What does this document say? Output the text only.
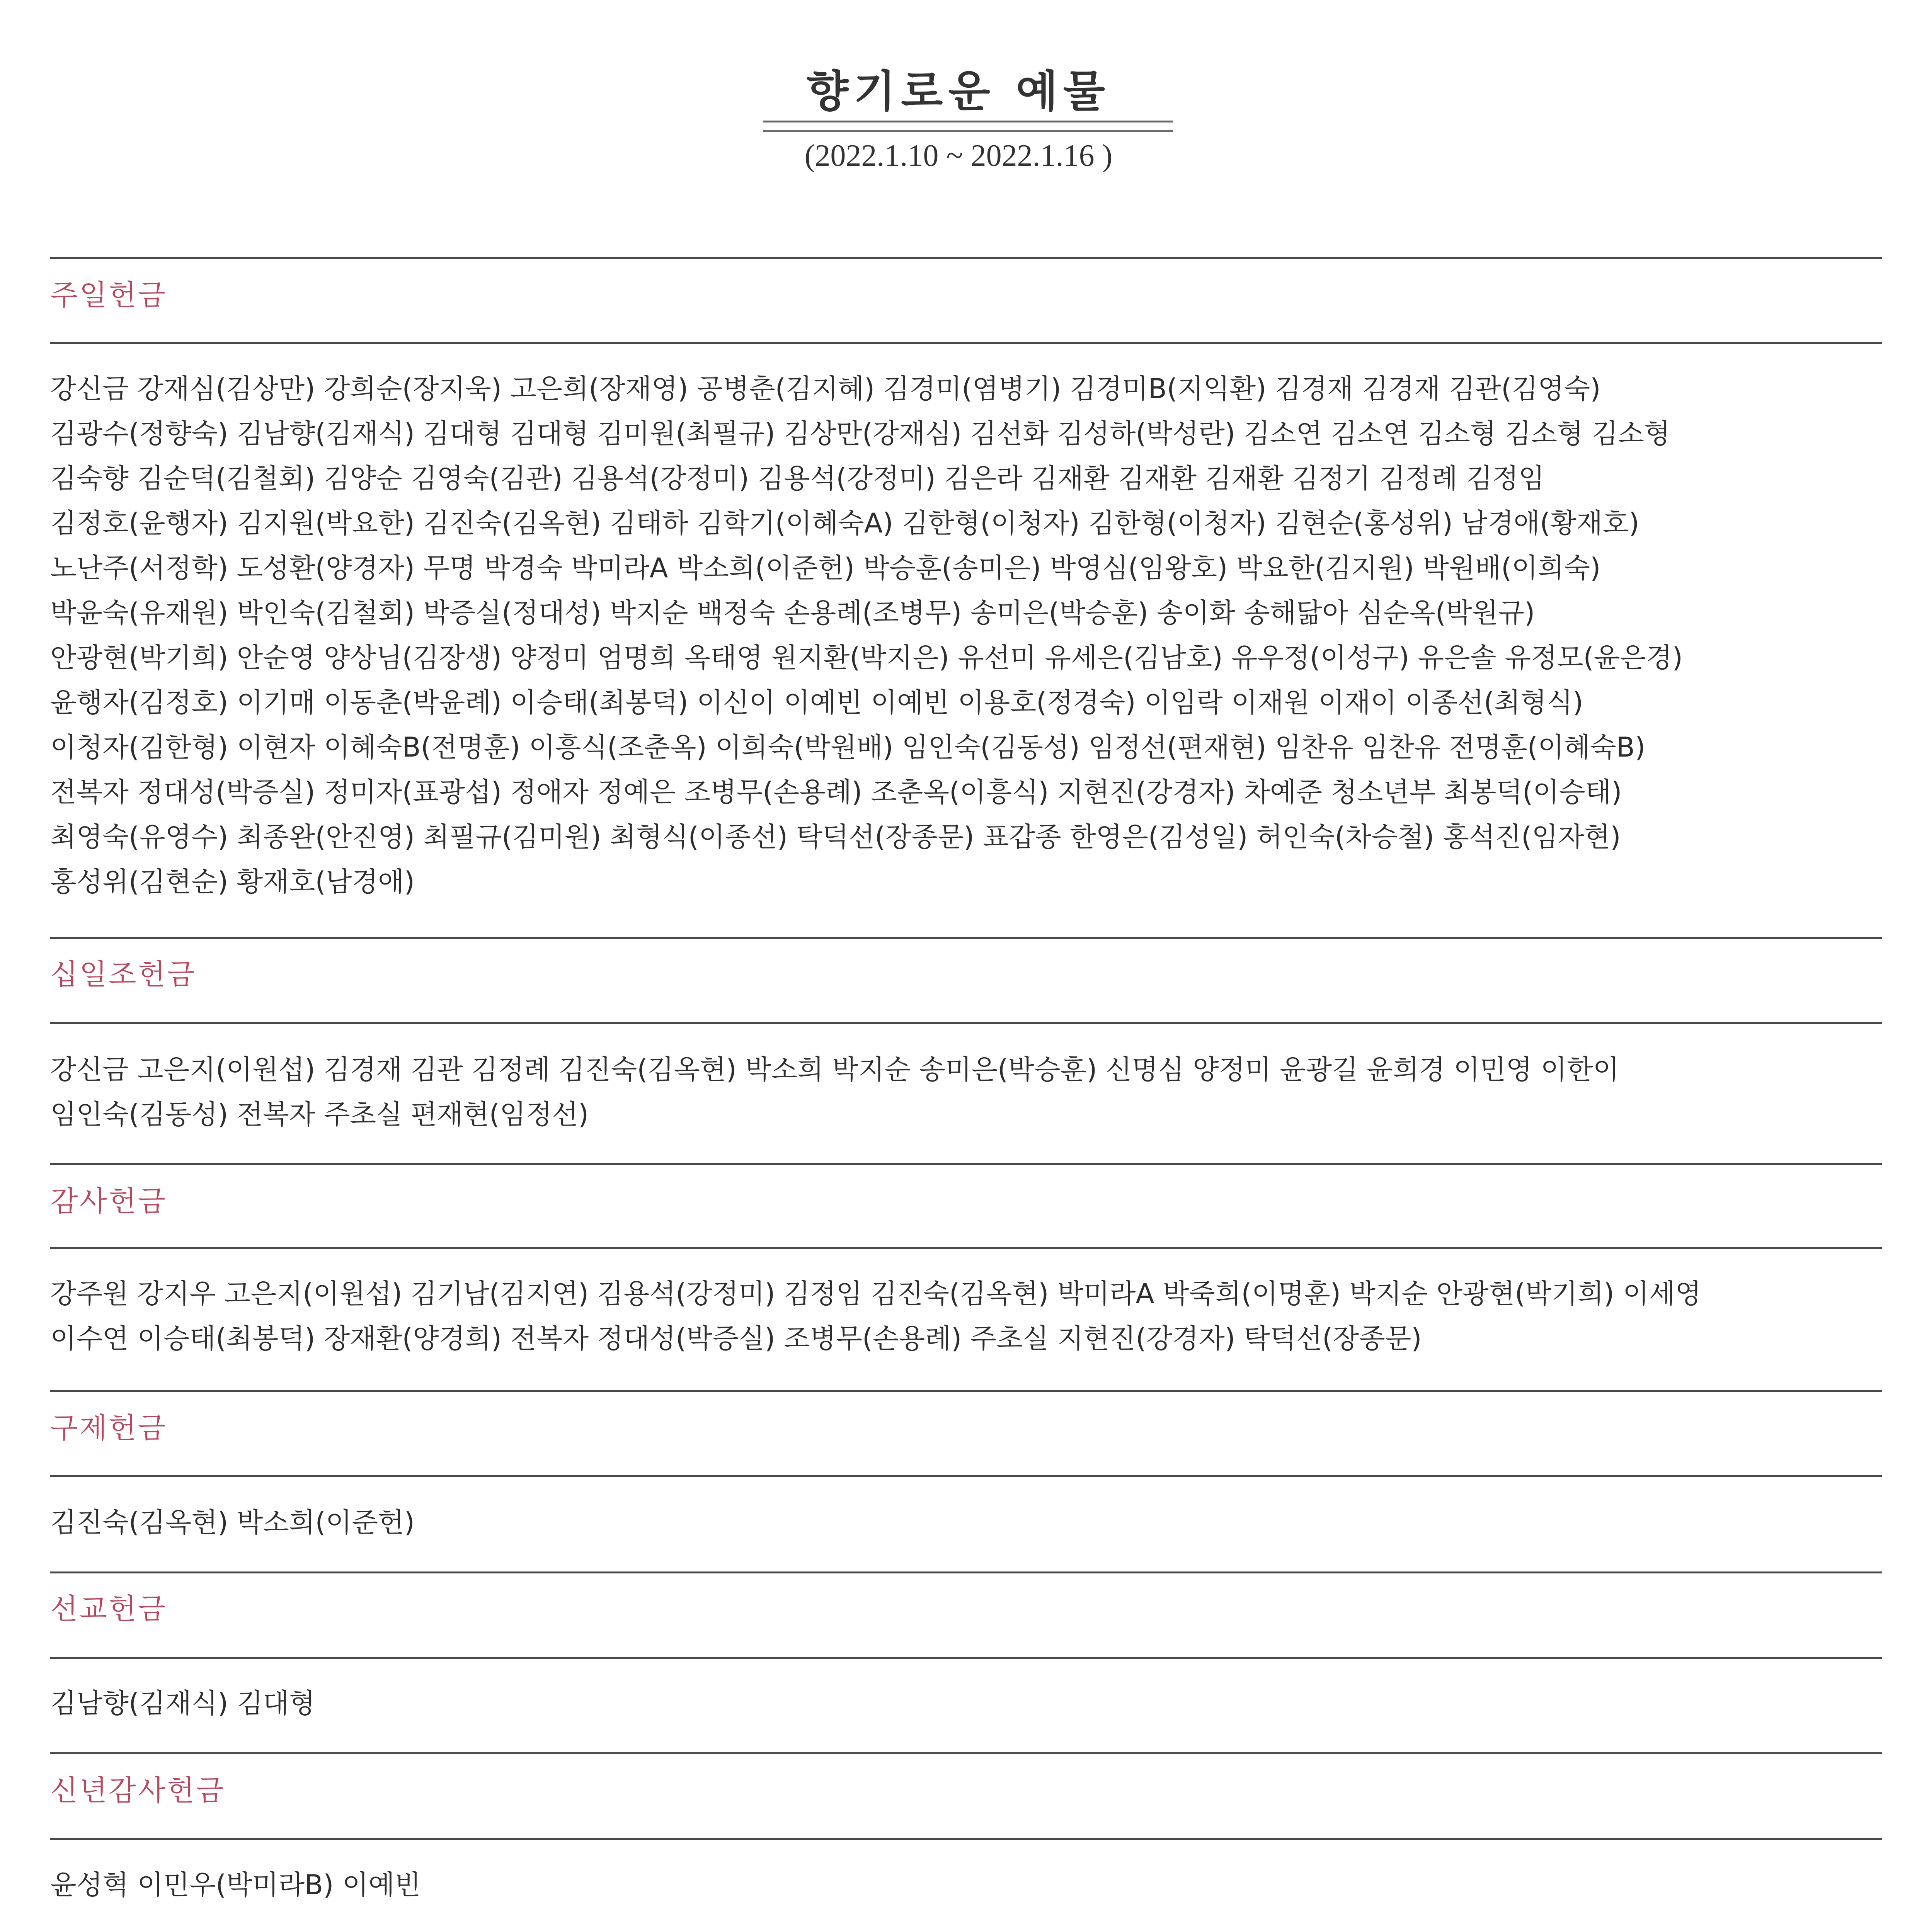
향기로운 예물
(2022.1.10 ~ 2022.1.16 )
주일헌금
강신금 강재심(김상만) 강희순(장지욱) 고은희(장재영) 공병춘(김지혜) 김경미(염병기) 김경미B(지익환) 김경재 김경재 김관(김영숙)
김광수(정향숙) 김남향(김재식) 김대형 김대형 김미원(최필규) 김상만(강재심) 김선화 김성하(박성란) 김소연 김소연 김소형 김소형 김소형
김숙향 김순덕(김철회) 김양순 김영숙(김관) 김용석(강정미) 김용석(강정미) 김은라 김재환 김재환 김재환 김정기 김정례 김정임
김정호(윤행자) 김지원(박요한) 김진숙(김옥현) 김태하 김학기(이혜숙A) 김한형(이청자) 김한형(이청자) 김현순(홍성위) 남경애(황재호)
노난주(서정학) 도성환(양경자) 무명 박경숙 박미라A 박소희(이준헌) 박승훈(송미은) 박영심(임왕호) 박요한(김지원) 박원배(이희숙)
박윤숙(유재원) 박인숙(김철회) 박증실(정대성) 박지순 백정숙 손용례(조병무) 송미은(박승훈) 송이화 송해닮아 심순옥(박원규)
안광현(박기희) 안순영 양상님(김장생) 양정미 엄명희 옥태영 원지환(박지은) 유선미 유세은(김남호) 유우정(이성구) 유은솔 유정모(윤은경)
윤행자(김정호) 이기매 이동춘(박윤례) 이승태(최봉덕) 이신이 이예빈 이예빈 이용호(정경숙) 이임락 이재원 이재이 이종선(최형식)
이청자(김한형) 이현자 이혜숙B(전명훈) 이흥식(조춘옥) 이희숙(박원배) 임인숙(김동성) 임정선(편재현) 임찬유 임찬유 전명훈(이혜숙B)
전복자 정대성(박증실) 정미자(표광섭) 정애자 정예은 조병무(손용례) 조춘옥(이흥식) 지현진(강경자) 차예준 청소년부 최봉덕(이승태)
최영숙(유영수) 최종완(안진영) 최필규(김미원) 최형식(이종선) 탁덕선(장종문) 표갑종 한영은(김성일) 허인숙(차승철) 홍석진(임자현)
홍성위(김현순) 황재호(남경애)
십일조헌금
강신금 고은지(이원섭) 김경재 김관 김정례 김진숙(김옥현) 박소희 박지순 송미은(박승훈) 신명심 양정미 윤광길 윤희경 이민영 이한이
임인숙(김동성) 전복자 주초실 편재현(임정선)
감사헌금
강주원 강지우 고은지(이원섭) 김기남(김지연) 김용석(강정미) 김정임 김진숙(김옥현) 박미라A 박죽희(이명훈) 박지순 안광현(박기희) 이세영
이수연 이승태(최봉덕) 장재환(양경희) 전복자 정대성(박증실) 조병무(손용례) 주초실 지현진(강경자) 탁덕선(장종문)
구제헌금
김진숙(김옥현) 박소희(이준헌)
선교헌금
김남향(김재식) 김대형
신년감사헌금
윤성혁 이민우(박미라B) 이예빈
